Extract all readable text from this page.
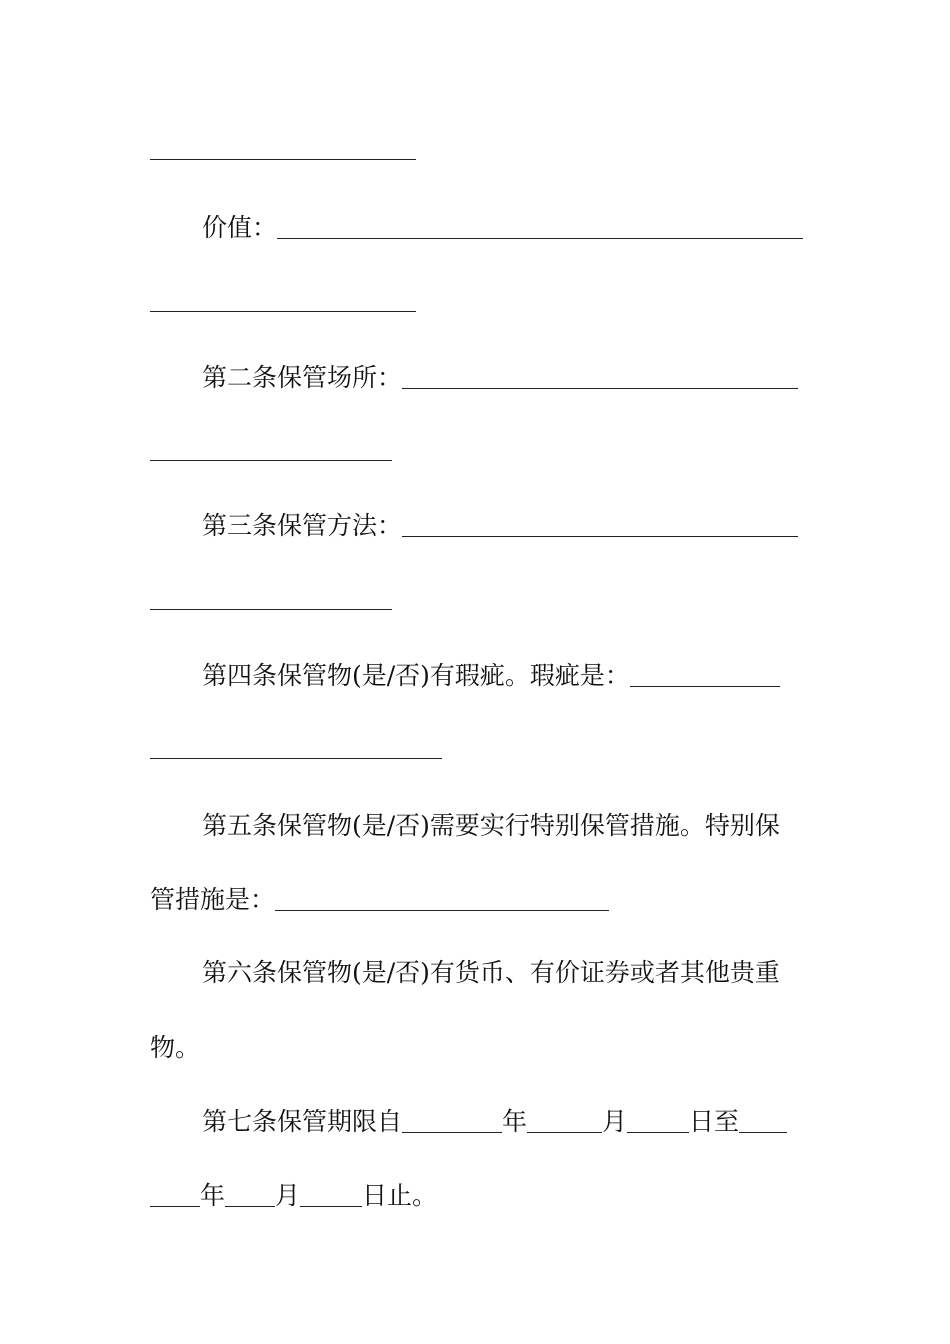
价值：
第二条保管场所：
第三条保管方法：
第四条保管物(是/否)有瑕疵。瑕疵是：
第五条保管物(是/否)需要实行特别保管措施。特别保
管措施是：
第六条保管物(是/否)有货币、有价证券或者其他贵重
物。
第七条保管期限自	年	月 日至
年 月 日止。
